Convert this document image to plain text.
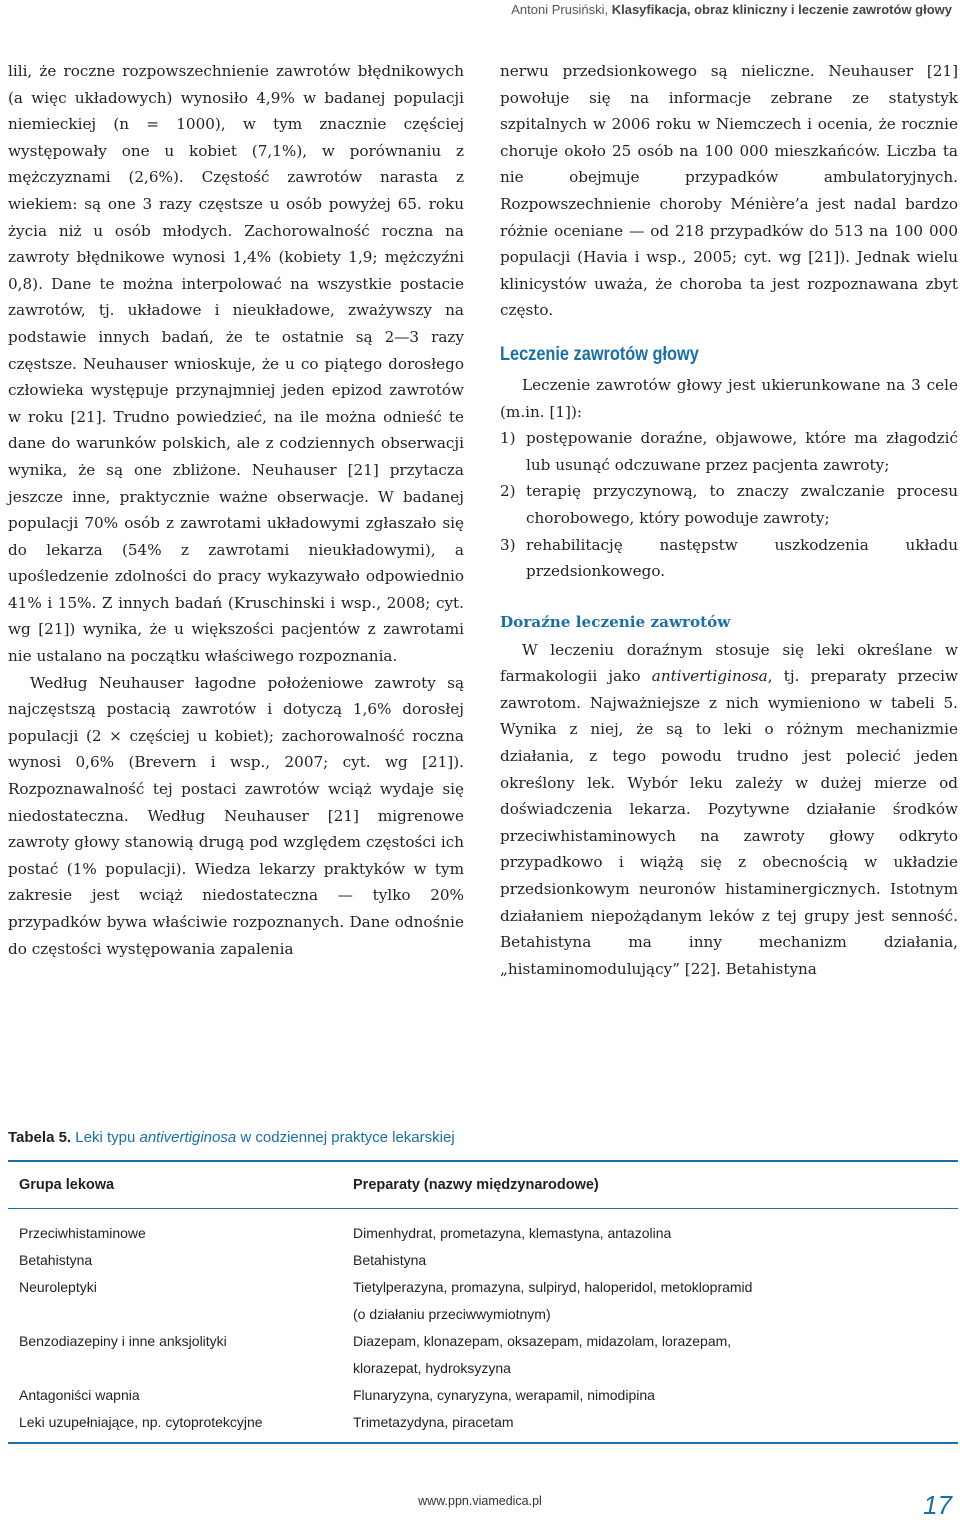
Antoni Prusiński, Klasyfikacja, obraz kliniczny i leczenie zawrotów głowy

lili, że roczne rozpowszechnienie zawrotów błędnikowych (a więc układowych) wynosiło 4,9% w badanej populacji niemieckiej (n = 1000), w tym znacznie częściej występowały one u kobiet (7,1%), w porównaniu z mężczyznami (2,6%). Częstość zawrotów narasta z wiekiem: są one 3 razy częstsze u osób powyżej 65. roku życia niż u osób młodych. Zachorowalność roczna na zawroty błędnikowe wynosi 1,4% (kobiety 1,9; mężczyźni 0,8). Dane te można interpolować na wszystkie postacie zawrotów, tj. układowe i nieukładowe, zważywszy na podstawie innych badań, że te ostatnie są 2—3 razy częstsze. Neuhauser wnioskuje, że u co piątego dorosłego człowieka występuje przynajmniej jeden epizod zawrotów w roku [21]. Trudno powiedzieć, na ile można odnieść te dane do warunków polskich, ale z codziennych obserwacji wynika, że są one zbliżone. Neuhauser [21] przytacza jeszcze inne, praktycznie ważne obserwacje. W badanej populacji 70% osób z zawrotami układowymi zgłaszało się do lekarza (54% z zawrotami nieukładowymi), a upośledzenie zdolności do pracy wykazywało odpowiednio 41% i 15%. Z innych badań (Kruschinski i wsp., 2008; cyt. wg [21]) wynika, że u większości pacjentów z zawrotami nie ustalano na początku właściwego rozpoznania.

Według Neuhauser łagodne położeniowe zawroty są najczęstszą postacią zawrotów i dotyczą 1,6% dorosłej populacji (2 × częściej u kobiet); zachorowalność roczna wynosi 0,6% (Brevern i wsp., 2007; cyt. wg [21]). Rozpoznawalność tej postaci zawrotów wciąż wydaje się niedostateczna. Według Neuhauser [21] migrenowe zawroty głowy stanowią drugą pod względem częstości ich postać (1% populacji). Wiedza lekarzy praktyków w tym zakresie jest wciąż niedostateczna — tylko 20% przypadków bywa właściwie rozpoznanych. Dane odnośnie do częstości występowania zapalenia

nerwu przedsionkowego są nieliczne. Neuhauser [21] powołuje się na informacje zebrane ze statystyk szpitalnych w 2006 roku w Niemczech i ocenia, że rocznie choruje około 25 osób na 100 000 mieszkańców. Liczba ta nie obejmuje przypadków ambulatoryjnych. Rozpowszechnienie choroby Ménière’a jest nadal bardzo różnie oceniane — od 218 przypadków do 513 na 100 000 populacji (Havia i wsp., 2005; cyt. wg [21]). Jednak wielu klinicystów uważa, że choroba ta jest rozpoznawana zbyt często.

Leczenie zawrotów głowy

Leczenie zawrotów głowy jest ukierunkowane na 3 cele (m.in. [1]):

1) postępowanie doraźne, objawowe, które ma złagodzić lub usunąć odczuwane przez pacjenta zawroty;
2) terapię przyczynową, to znaczy zwalczanie procesu chorobowego, który powoduje zawroty;
3) rehabilitację następstw uszkodzenia układu przedsionkowego.
Doraźne leczenie zawrotów

W leczeniu doraźnym stosuje się leki określane w farmakologii jako antivertiginosa, tj. preparaty przeciw zawrotom. Najważniejsze z nich wymieniono w tabeli 5. Wynika z niej, że są to leki o różnym mechanizmie działania, z tego powodu trudno jest polecić jeden określony lek. Wybór leku zależy w dużej mierze od doświadczenia lekarza. Pozytywne działanie środków przeciwhistaminowych na zawroty głowy odkryto przypadkowo i wiążą się z obecnością w układzie przedsionkowym neuronów histaminergicznych. Istotnym działaniem niepożądanym leków z tej grupy jest senność. Betahistyna ma inny mechanizm działania, „histaminomodulujący” [22]. Betahistyna

Tabela 5. Leki typu antivertiginosa w codziennej praktyce lekarskiej
Grupa lekowa	Preparaty (nazwy międzynarodowe)
Przeciwhistaminowe	Dimenhydrat, prometazyna, klemastyna, antazolina
Betahistyna	Betahistyna
Neuroleptyki	Tietylperazyna, promazyna, sulpiryd, haloperidol, metoklopramid
(o działaniu przeciwwymiotnym)
Benzodiazepiny i inne anksjolityki	Diazepam, klonazepam, oksazepam, midazolam, lorazepam,
klorazepat, hydroksyzyna
Antagoniści wapnia	Flunaryzyna, cynaryzyna, werapamil, nimodipina
Leki uzupełniające, np. cytoprotekcyjne	Trimetazydyna, piracetam
www.ppn.viamedica.pl	17
